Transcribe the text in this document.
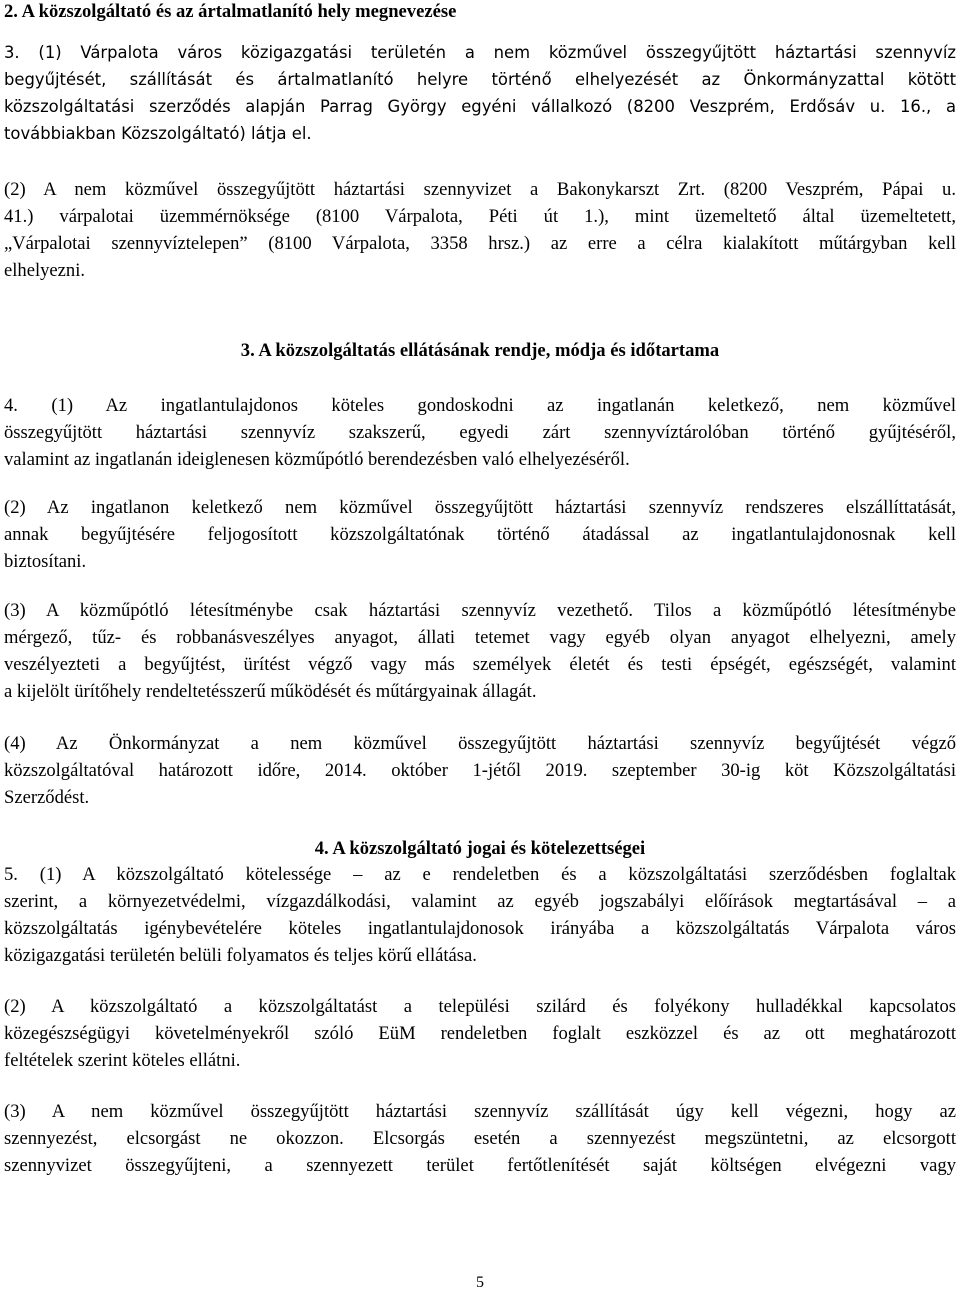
2. A közszolgáltató és az ártalmatlanító hely megnevezése
3. (1) Várpalota város közigazgatási területén a nem közművel összegyűjtött háztartási szennyvíz
begyűjtését, szállítását és ártalmatlanító helyre történő elhelyezését az Önkormányzattal kötött
közszolgáltatási szerződés alapján Parrag György egyéni vállalkozó (8200 Veszprém, Erdősáv u. 16., a
továbbiakban Közszolgáltató) látja el.
(2) A nem közművel összegyűjtött háztartási szennyvizet a Bakonykarszt Zrt. (8200 Veszprém, Pápai u.
41.) várpalotai üzemmérnöksége (8100 Várpalota, Péti út 1.), mint üzemeltető által üzemeltetett,
„Várpalotai szennyvíztelepen” (8100 Várpalota, 3358 hrsz.) az erre a célra kialakított műtárgyban kell
elhelyezni.
3. A közszolgáltatás ellátásának rendje, módja és időtartama
4. (1) Az ingatlantulajdonos köteles gondoskodni az ingatlanán keletkező, nem közművel
összegyűjtött háztartási szennyvíz szakszerű, egyedi zárt szennyvíztárolóban történő gyűjtéséről,
valamint az ingatlanán ideiglenesen közműpótló berendezésben való elhelyezéséről.
(2) Az ingatlanon keletkező nem közművel összegyűjtött háztartási szennyvíz rendszeres elszállíttatását,
annak begyűjtésére feljogosított közszolgáltatónak történő átadással az ingatlantulajdonosnak kell
biztosítani.
(3) A közműpótló létesítménybe csak háztartási szennyvíz vezethető. Tilos a közműpótló létesítménybe
mérgező, tűz- és robbanásveszélyes anyagot, állati tetemet vagy egyéb olyan anyagot elhelyezni, amely
veszélyezteti a begyűjtést, ürítést végző vagy más személyek életét és testi épségét, egészségét, valamint
a kijelölt ürítőhely rendeltetésszerű működését és műtárgyainak állagát.
(4) Az Önkormányzat a nem közművel összegyűjtött háztartási szennyvíz begyűjtését végző
közszolgáltatóval határozott időre, 2014. október 1-jétől 2019. szeptember 30-ig köt Közszolgáltatási
Szerződést.
4. A közszolgáltató jogai és kötelezettségei
5. (1) A közszolgáltató kötelessége – az e rendeletben és a közszolgáltatási szerződésben foglaltak
szerint, a környezetvédelmi, vízgazdálkodási, valamint az egyéb jogszabályi előírások megtartásával – a
közszolgáltatás igénybevételére köteles ingatlantulajdonosok irányába a közszolgáltatás Várpalota város
közigazgatási területén belüli folyamatos és teljes körű ellátása.
(2) A közszolgáltató a közszolgáltatást a települési szilárd és folyékony hulladékkal kapcsolatos
közegészségügyi követelményekről szóló EüM rendeletben foglalt eszközzel és az ott meghatározott
feltételek szerint köteles ellátni.
(3) A nem közművel összegyűjtött háztartási szennyvíz szállítását úgy kell végezni, hogy az
szennyezést, elcsorgást ne okozzon. Elcsorgás esetén a szennyezést megszüntetni, az elcsorgott
szennyvizet összegyűjteni, a szennyezett terület fertőtlenítését saját költségen elvégezni vagy
5
